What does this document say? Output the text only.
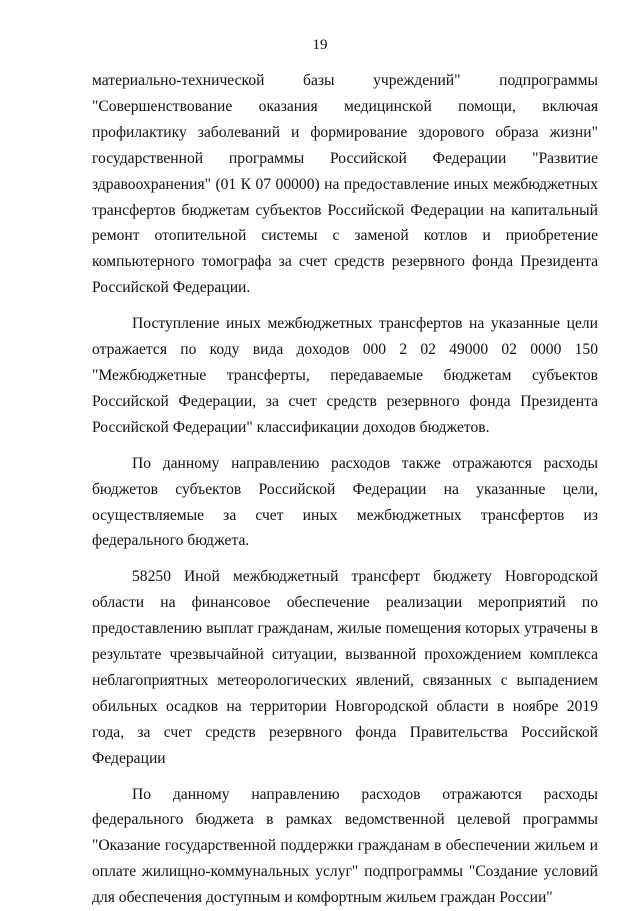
19

материально-технической базы учреждений" подпрограммы "Совершенствование оказания медицинской помощи, включая профилактику заболеваний и формирование здорового образа жизни" государственной программы Российской Федерации "Развитие здравоохранения" (01 К 07 00000) на предоставление иных межбюджетных трансфертов бюджетам субъектов Российской Федерации на капитальный ремонт отопительной системы с заменой котлов и приобретение компьютерного томографа за счет средств резервного фонда Президента Российской Федерации.

Поступление иных межбюджетных трансфертов на указанные цели отражается по коду вида доходов 000 2 02 49000 02 0000 150 "Межбюджетные трансферты, передаваемые бюджетам субъектов Российской Федерации, за счет средств резервного фонда Президента Российской Федерации" классификации доходов бюджетов.

По данному направлению расходов также отражаются расходы бюджетов субъектов Российской Федерации на указанные цели, осуществляемые за счет иных межбюджетных трансфертов из федерального бюджета.

58250 Иной межбюджетный трансферт бюджету Новгородской области на финансовое обеспечение реализации мероприятий по предоставлению выплат гражданам, жилые помещения которых утрачены в результате чрезвычайной ситуации, вызванной прохождением комплекса неблагоприятных метеорологических явлений, связанных с выпадением обильных осадков на территории Новгородской области в ноябре 2019 года, за счет средств резервного фонда Правительства Российской Федерации

По данному направлению расходов отражаются расходы федерального бюджета в рамках ведомственной целевой программы "Оказание государственной поддержки гражданам в обеспечении жильем и оплате жилищно-коммунальных услуг" подпрограммы "Создание условий для обеспечения доступным и комфортным жильем граждан России"
